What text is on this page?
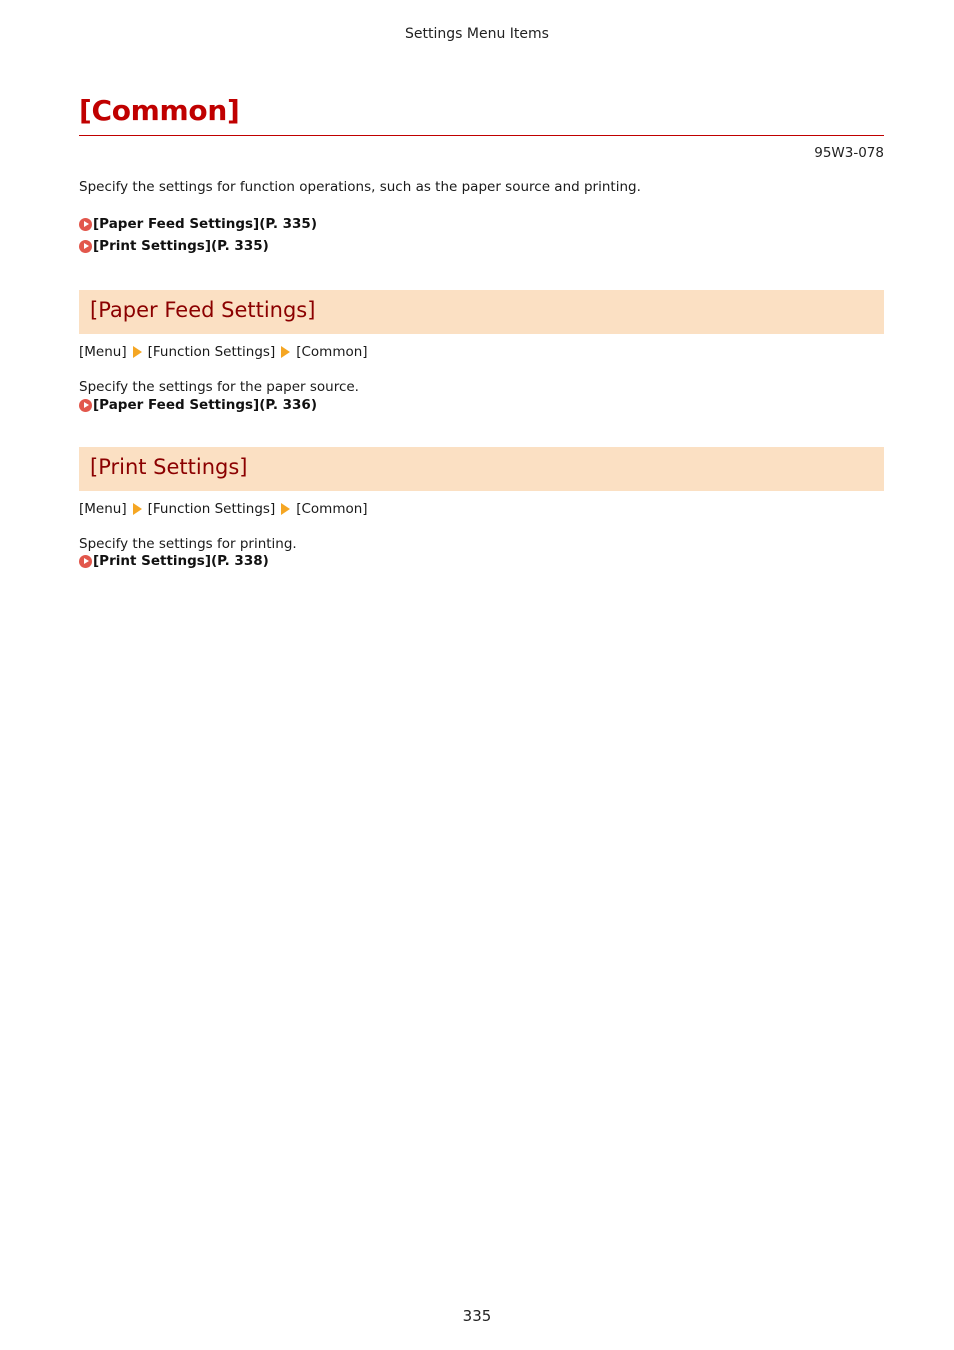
Settings Menu Items
[Common]
95W3-078
Specify the settings for function operations, such as the paper source and printing.
[Paper Feed Settings](P. 335)
[Print Settings](P. 335)
[Paper Feed Settings]
[Menu] [Function Settings] [Common]
Specify the settings for the paper source.
[Paper Feed Settings](P. 336)
[Print Settings]
[Menu] [Function Settings] [Common]
Specify the settings for printing.
[Print Settings](P. 338)
335
